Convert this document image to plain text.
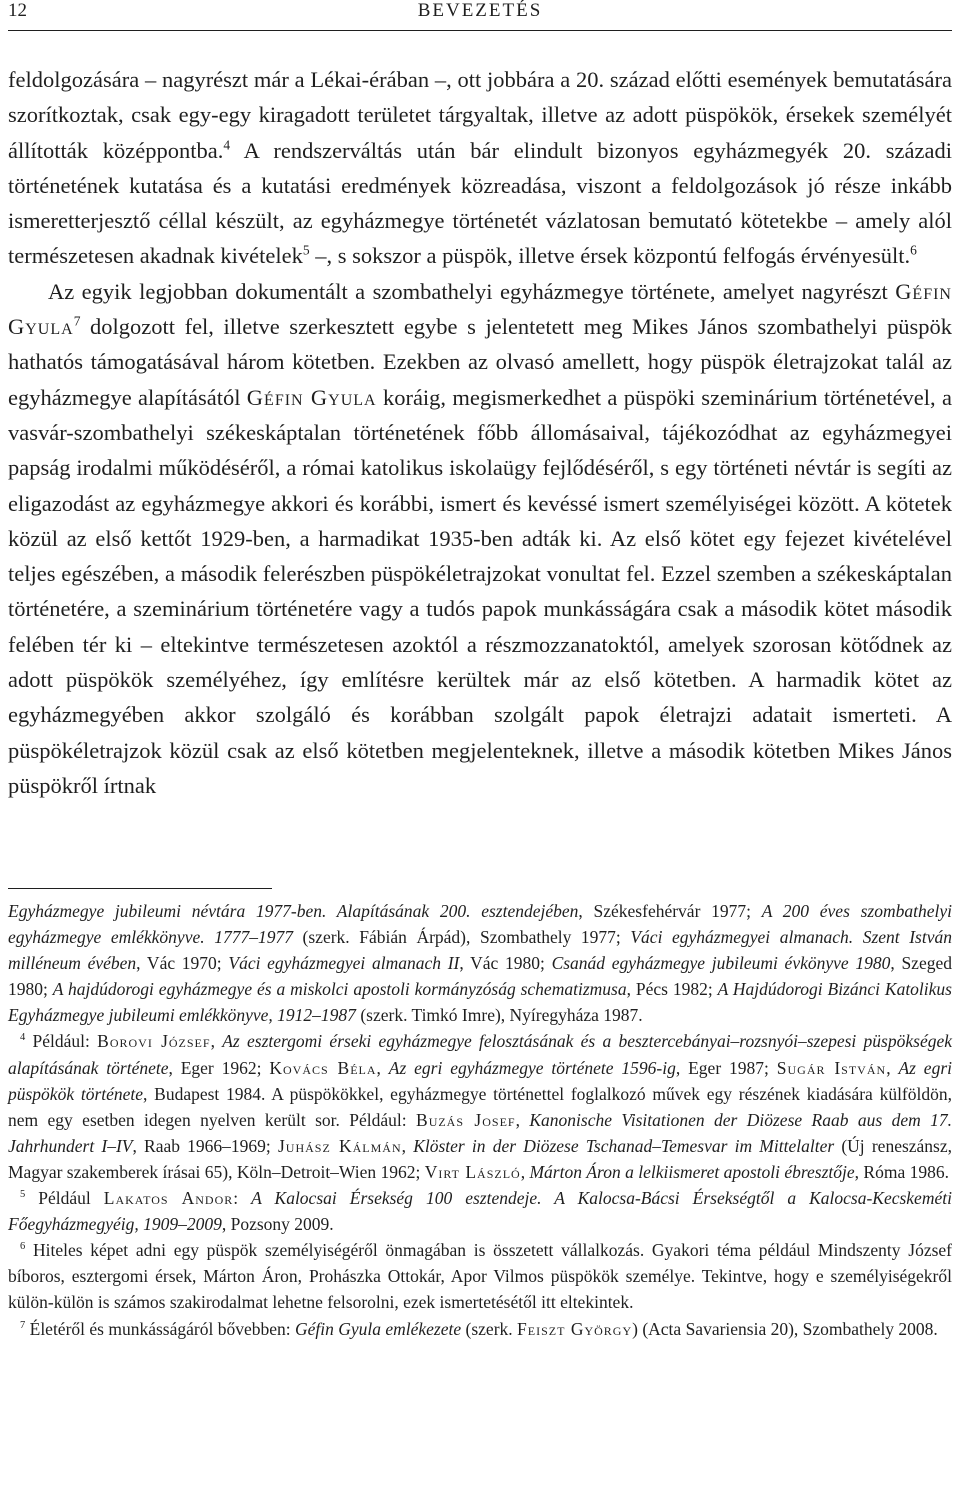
12	BEVEZETÉS

feldolgozására – nagyrészt már a Lékai-érában –, ott jobbára a 20. század előtti események bemutatására szorítkoztak, csak egy-egy kiragadott területet tárgyaltak, illetve az adott püspökök, érsekek személyét állították középpontba.$^4$ A rendszerváltás után bár elindult bizonyos egyházmegyék 20. századi történetének kutatása és a kutatási eredmények közreadása, viszont a feldolgozások jó része inkább ismeretterjesztő céllal készült, az egyházmegye történetét vázlatosan bemutató kötetekbe – amely alól természetesen akadnak kivételek$^5$ –, s sokszor a püspök, illetve érsek központú felfogás érvényesült.$^6$

Az egyik legjobban dokumentált a szombathelyi egyházmegye története, amelyet nagyrészt Géfin Gyula$^7$ dolgozott fel, illetve szerkesztett egybe s jelentetett meg Mikes János szombathelyi püspök hathatós támogatásával három kötetben. Ezekben az olvasó amellett, hogy püspök életrajzokat talál az egyházmegye alapításától Géfin Gyula koráig, megismerkedhet a püspöki szeminárium történetével, a vasvár-szombathelyi székeskáptalan történetének főbb állomásaival, tájékozódhat az egyházmegyei papság irodalmi működéséről, a római katolikus iskolaügy fejlődéséről, s egy történeti névtár is segíti az eligazodást az egyházmegye akkori és korábbi, ismert és kevéssé ismert személyiségei között. A kötetek közül az első kettőt 1929-ben, a harmadikat 1935-ben adták ki. Az első kötet egy fejezet kivételével teljes egészében, a második felerészben püspökéletrajzokat vonultat fel. Ezzel szemben a székeskáptalan történetére, a szeminárium történetére vagy a tudós papok munkásságára csak a második kötet második felében tér ki – eltekintve természetesen azoktól a részmozzanatoktól, amelyek szorosan kötődnek az adott püspökök személyéhez, így említésre kerültek már az első kötetben. A harmadik kötet az egyházmegyében akkor szolgáló és korábban szolgált papok életrajzi adatait ismerteti. A püspökéletrajzok közül csak az első kötetben megjelenteknek, illetve a második kötetben Mikes János püspökről írtnak

Egyházmegye jubileumi névtára 1977-ben. Alapításának 200. esztendejében, Székesfehérvár 1977; A 200 éves szombathelyi egyházmegye emlékkönyve. 1777–1977 (szerk. Fábián Árpád), Szombathely 1977; Váci egyházmegyei almanach. Szent István milléneum évében, Vác 1970; Váci egyházmegyei almanach II, Vác 1980; Csanád egyházmegye jubileumi évkönyve 1980, Szeged 1980; A hajdúdorogi egyházmegye és a miskolci apostoli kormányzóság schematizmusa, Pécs 1982; A Hajdúdorogi Bizánci Katolikus Egyházmegye jubileumi emlékkönyve, 1912–1987 (szerk. Timkó Imre), Nyíregyháza 1987.

$^4$ Például: Borovi József, Az esztergomi érseki egyházmegye felosztásának és a besztercebányai–rozsnyói–szepesi püspökségek alapításának története, Eger 1962; Kovács Béla, Az egri egyházmegye története 1596-ig, Eger 1987; Sugár István, Az egri püspökök története, Budapest 1984. A püspökökkel, egyházmegye történettel foglalkozó művek egy részének kiadására külföldön, nem egy esetben idegen nyelven került sor. Például: Buzás Josef, Kanonische Visitationen der Diözese Raab aus dem 17. Jahrhundert I–IV, Raab 1966–1969; Juhász Kálmán, Klöster in der Diözese Tschanad–Temesvar im Mittelalter (Új reneszánsz, Magyar szakemberek írásai 65), Köln–Detroit–Wien 1962; Virt László, Márton Áron a lelkiismeret apostoli ébresztője, Róma 1986.

$^5$ Például Lakatos Andor: A Kalocsai Érsekség 100 esztendeje. A Kalocsa-Bácsi Érsekségtől a Kalocsa-Kecskeméti Főegyházmegyéig, 1909–2009, Pozsony 2009.

$^6$ Hiteles képet adni egy püspök személyiségéről önmagában is összetett vállalkozás. Gyakori téma például Mindszenty József bíboros, esztergomi érsek, Márton Áron, Prohászka Ottokár, Apor Vilmos püspökök személye. Tekintve, hogy e személyiségekről külön-külön is számos szakirodalmat lehetne felsorolni, ezek ismertetésétől itt eltekintek.

$^7$ Életéről és munkásságáról bővebben: Géfin Gyula emlékezete (szerk. Feiszt György) (Acta Savariensia 20), Szombathely 2008.
